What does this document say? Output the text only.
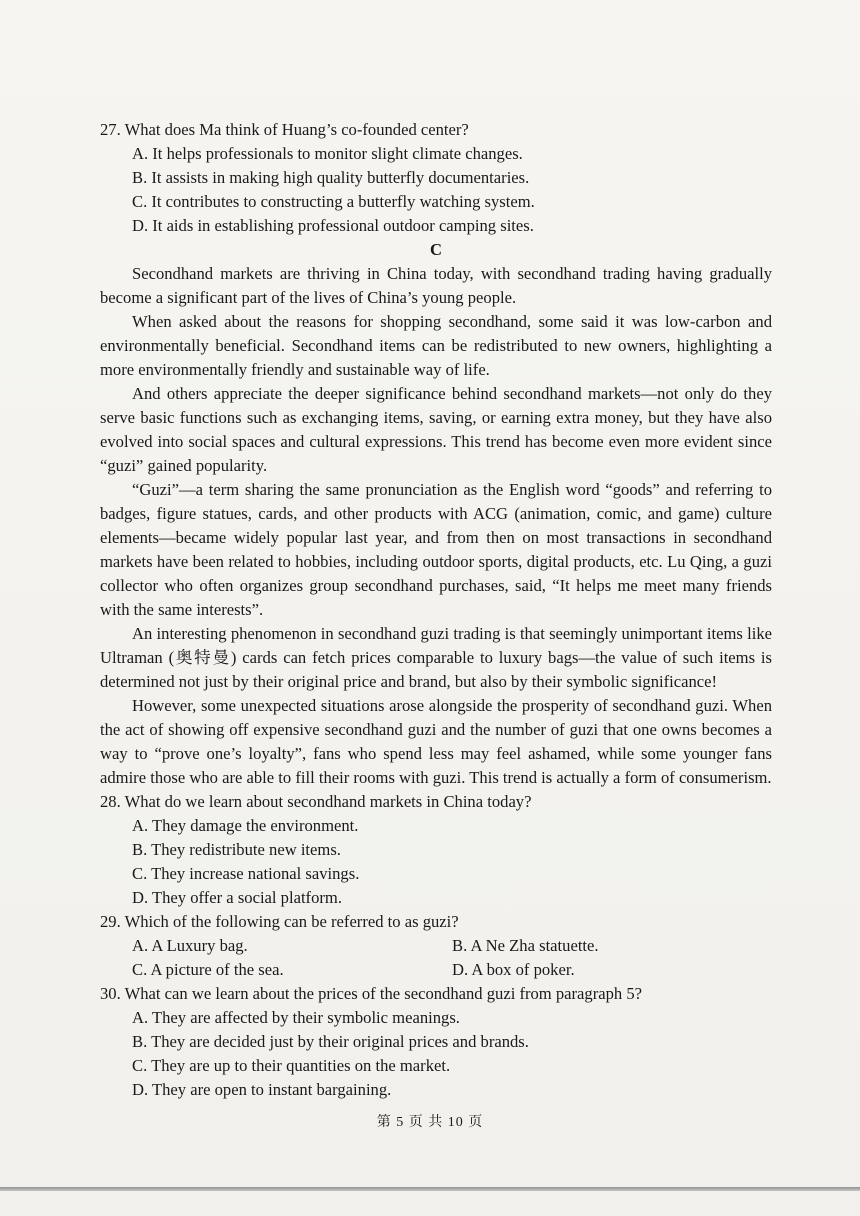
27. What does Ma think of Huang’s co-founded center?

A. It helps professionals to monitor slight climate changes.

B. It assists in making high quality butterfly documentaries.

C. It contributes to constructing a butterfly watching system.

D. It aids in establishing professional outdoor camping sites.

C

Secondhand markets are thriving in China today, with secondhand trading having gradually become a significant part of the lives of China’s young people.

When asked about the reasons for shopping secondhand, some said it was low-carbon and environmentally beneficial. Secondhand items can be redistributed to new owners, highlighting a more environmentally friendly and sustainable way of life.

And others appreciate the deeper significance behind secondhand markets—not only do they serve basic functions such as exchanging items, saving, or earning extra money, but they have also evolved into social spaces and cultural expressions. This trend has become even more evident since “guzi” gained popularity.

“Guzi”—a term sharing the same pronunciation as the English word “goods” and referring to badges, figure statues, cards, and other products with ACG (animation, comic, and game) culture elements—became widely popular last year, and from then on most transactions in secondhand markets have been related to hobbies, including outdoor sports, digital products, etc. Lu Qing, a guzi collector who often organizes group secondhand purchases, said, “It helps me meet many friends with the same interests”.

An interesting phenomenon in secondhand guzi trading is that seemingly unimportant items like Ultraman (奥特曼) cards can fetch prices comparable to luxury bags—the value of such items is determined not just by their original price and brand, but also by their symbolic significance!

However, some unexpected situations arose alongside the prosperity of secondhand guzi. When the act of showing off expensive secondhand guzi and the number of guzi that one owns becomes a way to “prove one’s loyalty”, fans who spend less may feel ashamed, while some younger fans admire those who are able to fill their rooms with guzi. This trend is actually a form of consumerism.

28. What do we learn about secondhand markets in China today?

A. They damage the environment.

B. They redistribute new items.

C. They increase national savings.

D. They offer a social platform.

29. Which of the following can be referred to as guzi?

A. A Luxury bag.	B. A Ne Zha statuette.
C. A picture of the sea.	D. A box of poker.

30. What can we learn about the prices of the secondhand guzi from paragraph 5?

A. They are affected by their symbolic meanings.

B. They are decided just by their original prices and brands.

C. They are up to their quantities on the market.

D. They are open to instant bargaining.

第 5 页 共 10 页
